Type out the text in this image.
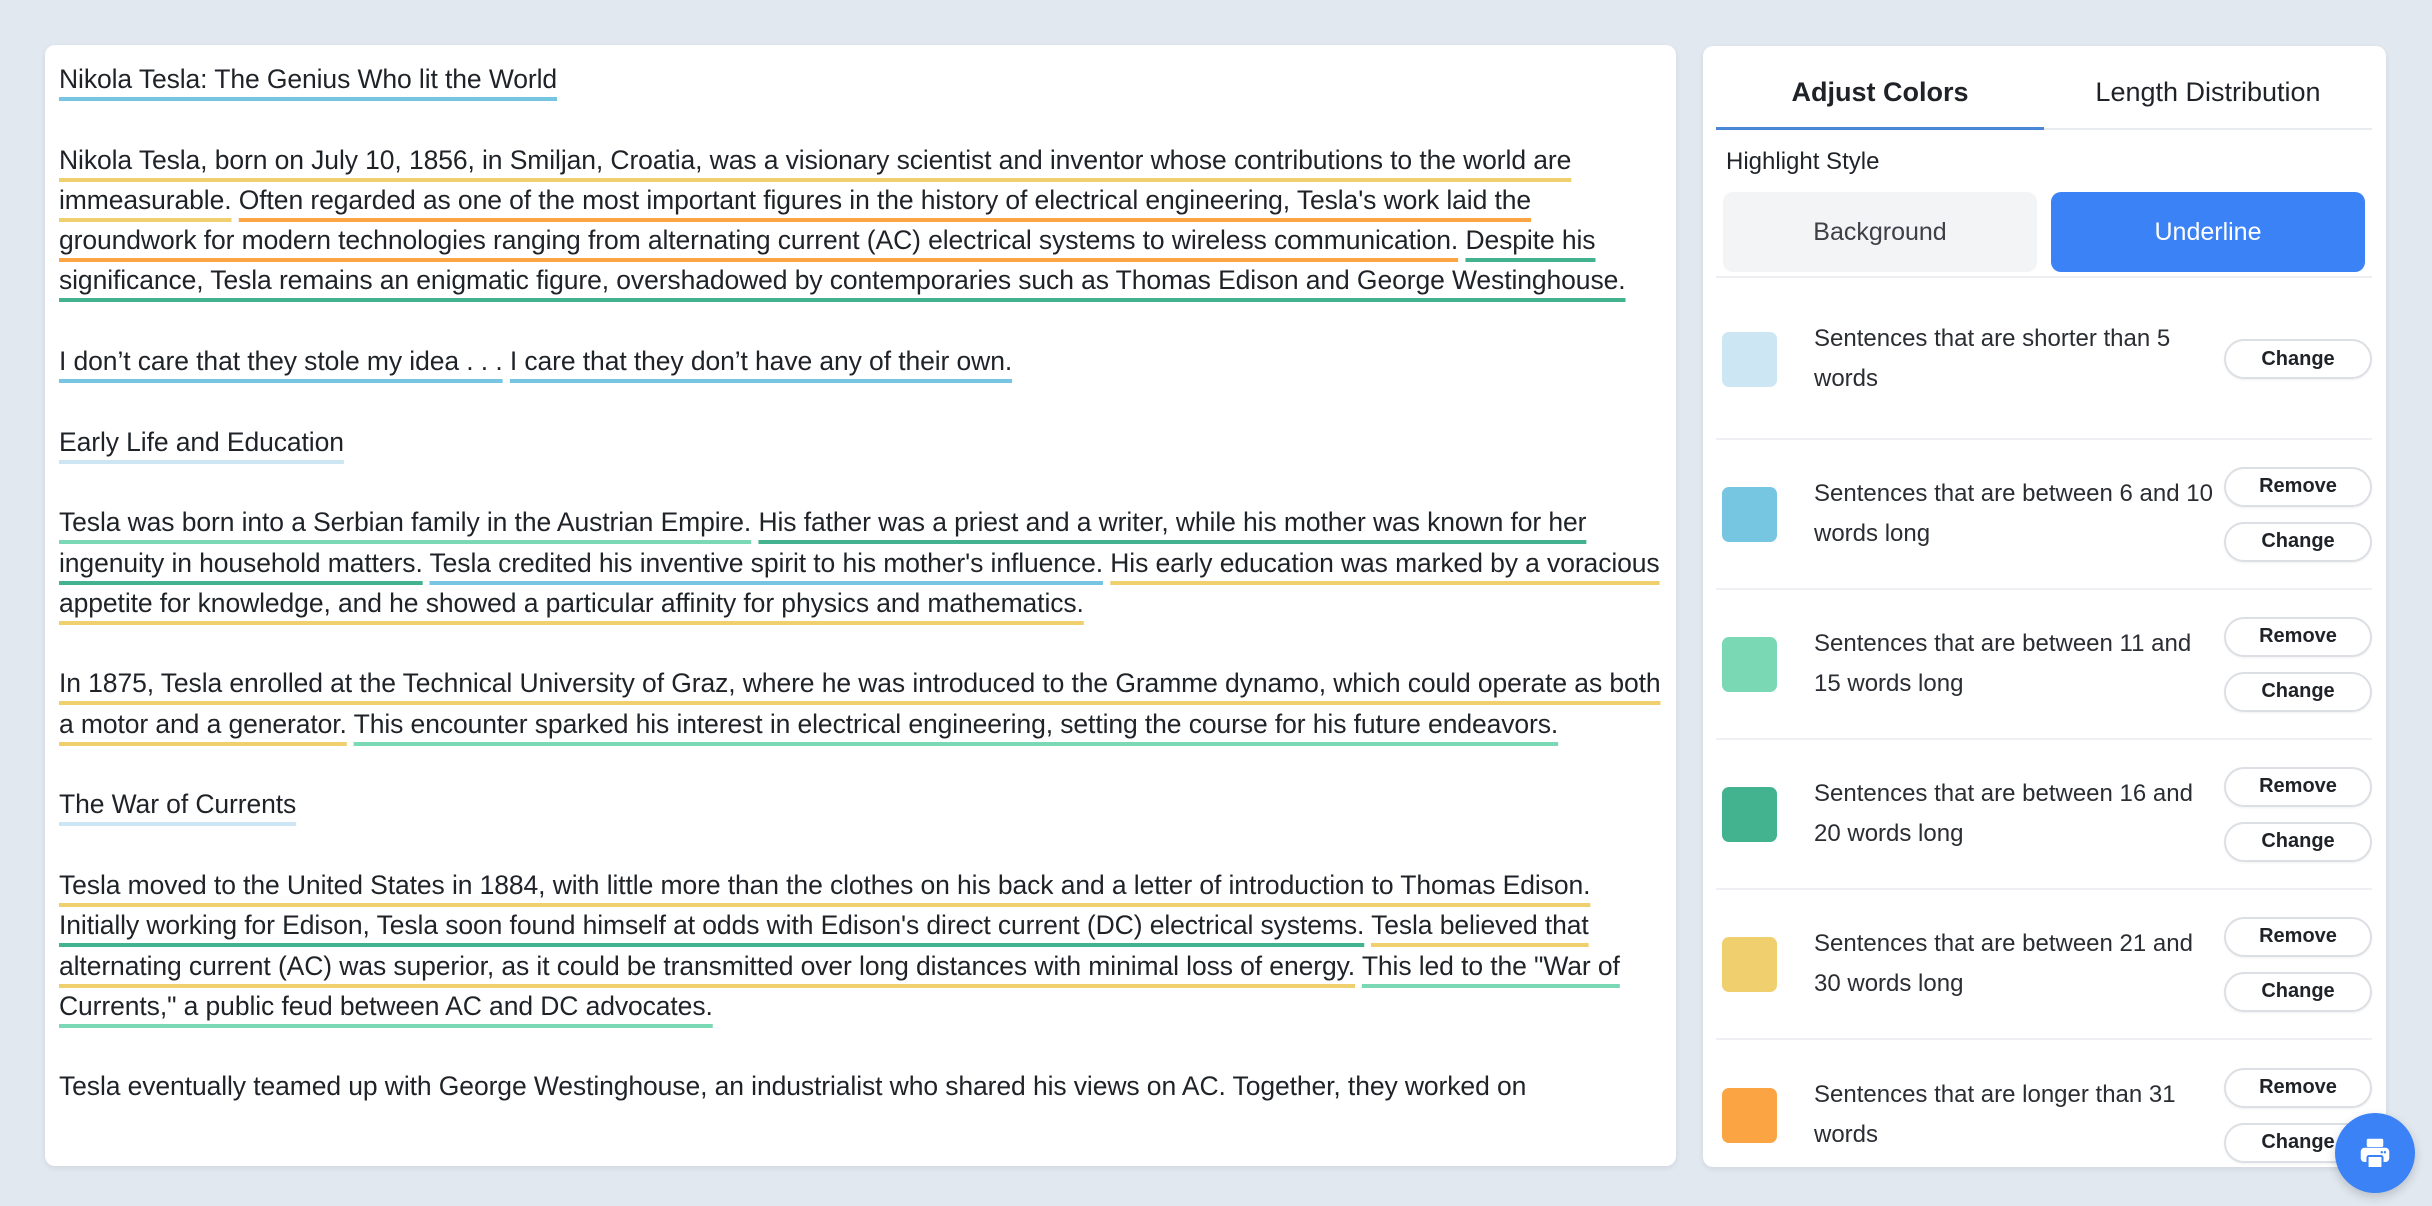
Nikola Tesla: The Genius Who lit the World
Nikola Tesla, born on July 10, 1856, in Smiljan, Croatia, was a visionary scientist and inventor whose contributions to the world are immeasurable. Often regarded as one of the most important figures in the history of electrical engineering, Tesla's work laid the groundwork for modern technologies ranging from alternating current (AC) electrical systems to wireless communication. Despite his significance, Tesla remains an enigmatic figure, overshadowed by contemporaries such as Thomas Edison and George Westinghouse.
I don’t care that they stole my idea . . . I care that they don’t have any of their own.
Early Life and Education
Tesla was born into a Serbian family in the Austrian Empire. His father was a priest and a writer, while his mother was known for her ingenuity in household matters. Tesla credited his inventive spirit to his mother's influence. His early education was marked by a voracious appetite for knowledge, and he showed a particular affinity for physics and mathematics.
In 1875, Tesla enrolled at the Technical University of Graz, where he was introduced to the Gramme dynamo, which could operate as both a motor and a generator. This encounter sparked his interest in electrical engineering, setting the course for his future endeavors.
The War of Currents
Tesla moved to the United States in 1884, with little more than the clothes on his back and a letter of introduction to Thomas Edison. Initially working for Edison, Tesla soon found himself at odds with Edison's direct current (DC) electrical systems. Tesla believed that alternating current (AC) was superior, as it could be transmitted over long distances with minimal loss of energy. This led to the "War of Currents," a public feud between AC and DC advocates.
Tesla eventually teamed up with George Westinghouse, an industrialist who shared his views on AC. Together, they worked on
Adjust Colors	Length Distribution
Highlight Style
Background	Underline
Sentences that are shorter than 5 words
Change
Sentences that are between 6 and 10 words long
Remove
Change
Sentences that are between 11 and 15 words long
Remove
Change
Sentences that are between 16 and 20 words long
Remove
Change
Sentences that are between 21 and 30 words long
Remove
Change
Sentences that are longer than 31 words
Remove
Change
